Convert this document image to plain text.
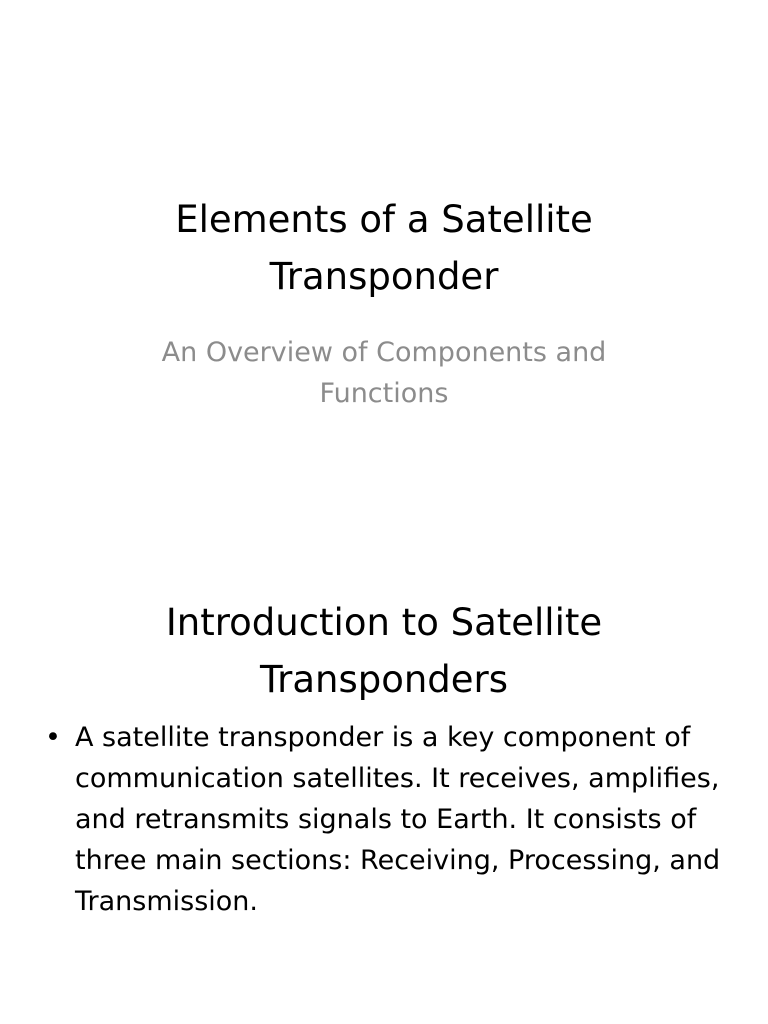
Elements of a Satellite Transponder

An Overview of Components and Functions

Introduction to Satellite Transponders
• A satellite transponder is a key component of communication satellites. It receives, amplifies, and retransmits signals to Earth. It consists of three main sections: Receiving, Processing, and Transmission.
